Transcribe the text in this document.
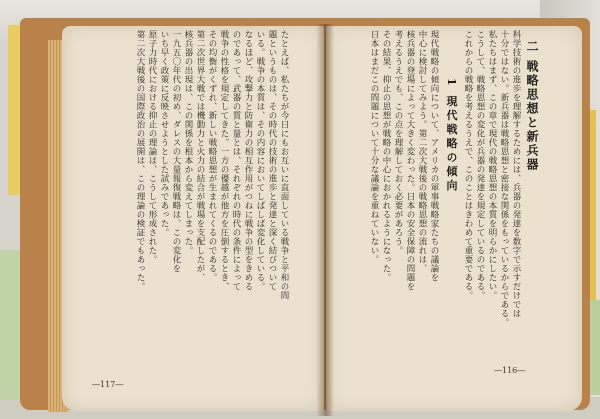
たとえば、私たちが今日にもお互いに直面している戦争と平和の問
題というものは、その時代の技術の進歩と発達と深く結びついて
いる。戦争の本質は、その内容においてしばしば変化している。
なるほど、攻撃力と防衛力の相互作用がつねに戦争の型をきめる
のであって、武器の質と量とは、それぞれの時代の条件によって
戦争の性格を規定してきた。一方の優越が他方を圧倒するとき、
その均衡がくずれ、新しい戦略思想が生まれてくるのである。
第二次世界大戦では機動力と火力の結合が戦場を支配したが、
核兵器の出現は、この関係を根本から変えてしまった。
一九五〇年代の初め、ダレスの大量報復戦略は、この変化を
いち早く政策に反映させようとした試みであった。
原子力時代における抑止の理論は、こうして形成された。
第二次大戦後の国際政治の展開は、この理論の検証でもあった。
―117―
二 戦略思想と新兵器
科学技術の進歩を理解するためには、兵器の発達を数字で示すだけでは
十分ではない。新兵器は戦略思想と密接な関係をもっているからである。
私たちはまず、この章で現代の戦略思想の本質を明らかにしたい。
こうして、戦略思想の変化が兵器の発達を規定しているのである。
これからの戦略を考えるうえで、このことはきわめて重要である。
1 現代戦略の傾向
現代戦略の傾向について、アメリカの軍事戦略家たちの議論を
中心に検討してみよう。第二次大戦後の戦略思想の流れは、
核兵器の登場によって大きく変わった。日本の安全保障の問題を
考えるうえでも、この点を理解しておく必要があろう。
その結果、抑止の思想が戦略の中心におかれるようになった。
日本はまだこの問題について十分な議論を重ねていない。
―116―
